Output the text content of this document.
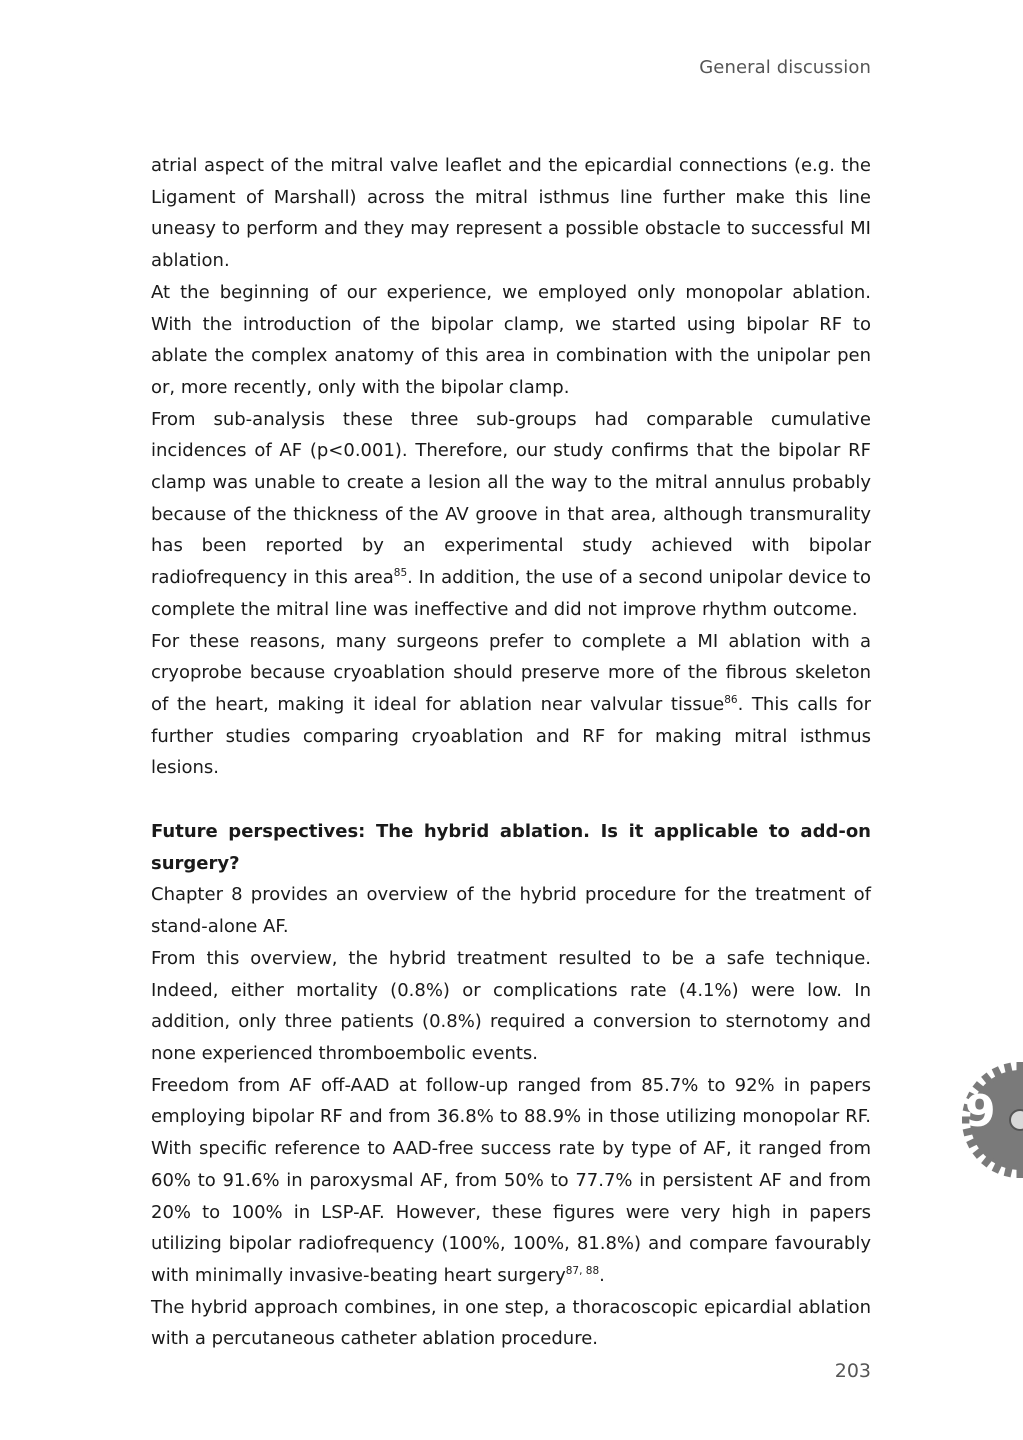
General discussion

atrial aspect of the mitral valve leaflet and the epicardial connections (e.g. the Ligament of Marshall) across the mitral isthmus line further make this line uneasy to perform and they may represent a possible obstacle to successful MI ablation.

At the beginning of our experience, we employed only monopolar ablation. With the introduction of the bipolar clamp, we started using bipolar RF to ablate the complex anatomy of this area in combination with the unipolar pen or, more recently, only with the bipolar clamp.

From sub-analysis these three sub-groups had comparable cumulative incidences of AF (p<0.001). Therefore, our study confirms that the bipolar RF clamp was unable to create a lesion all the way to the mitral annulus probably because of the thickness of the AV groove in that area, although transmurality has been reported by an experimental study achieved with bipolar radiofrequency in this area$^{85}$. In addition, the use of a second unipolar device to complete the mitral line was ineffective and did not improve rhythm outcome.

For these reasons, many surgeons prefer to complete a MI ablation with a cryoprobe because cryoablation should preserve more of the fibrous skeleton of the heart, making it ideal for ablation near valvular tissue$^{86}$. This calls for further studies comparing cryoablation and RF for making mitral isthmus lesions.

Future perspectives: The hybrid ablation. Is it applicable to add-on surgery?

Chapter 8 provides an overview of the hybrid procedure for the treatment of stand-alone AF.

From this overview, the hybrid treatment resulted to be a safe technique. Indeed, either mortality (0.8%) or complications rate (4.1%) were low. In addition, only three patients (0.8%) required a conversion to sternotomy and none experienced thromboembolic events.

Freedom from AF off-AAD at follow-up ranged from 85.7% to 92% in papers employing bipolar RF and from 36.8% to 88.9% in those utilizing monopolar RF. With specific reference to AAD-free success rate by type of AF, it ranged from 60% to 91.6% in paroxysmal AF, from 50% to 77.7% in persistent AF and from 20% to 100% in LSP-AF. However, these figures were very high in papers utilizing bipolar radiofrequency (100%, 100%, 81.8%) and compare favourably with minimally invasive-beating heart surgery$^{87, 88}$.

The hybrid approach combines, in one step, a thoracoscopic epicardial ablation with a percutaneous catheter ablation procedure.

9
203
